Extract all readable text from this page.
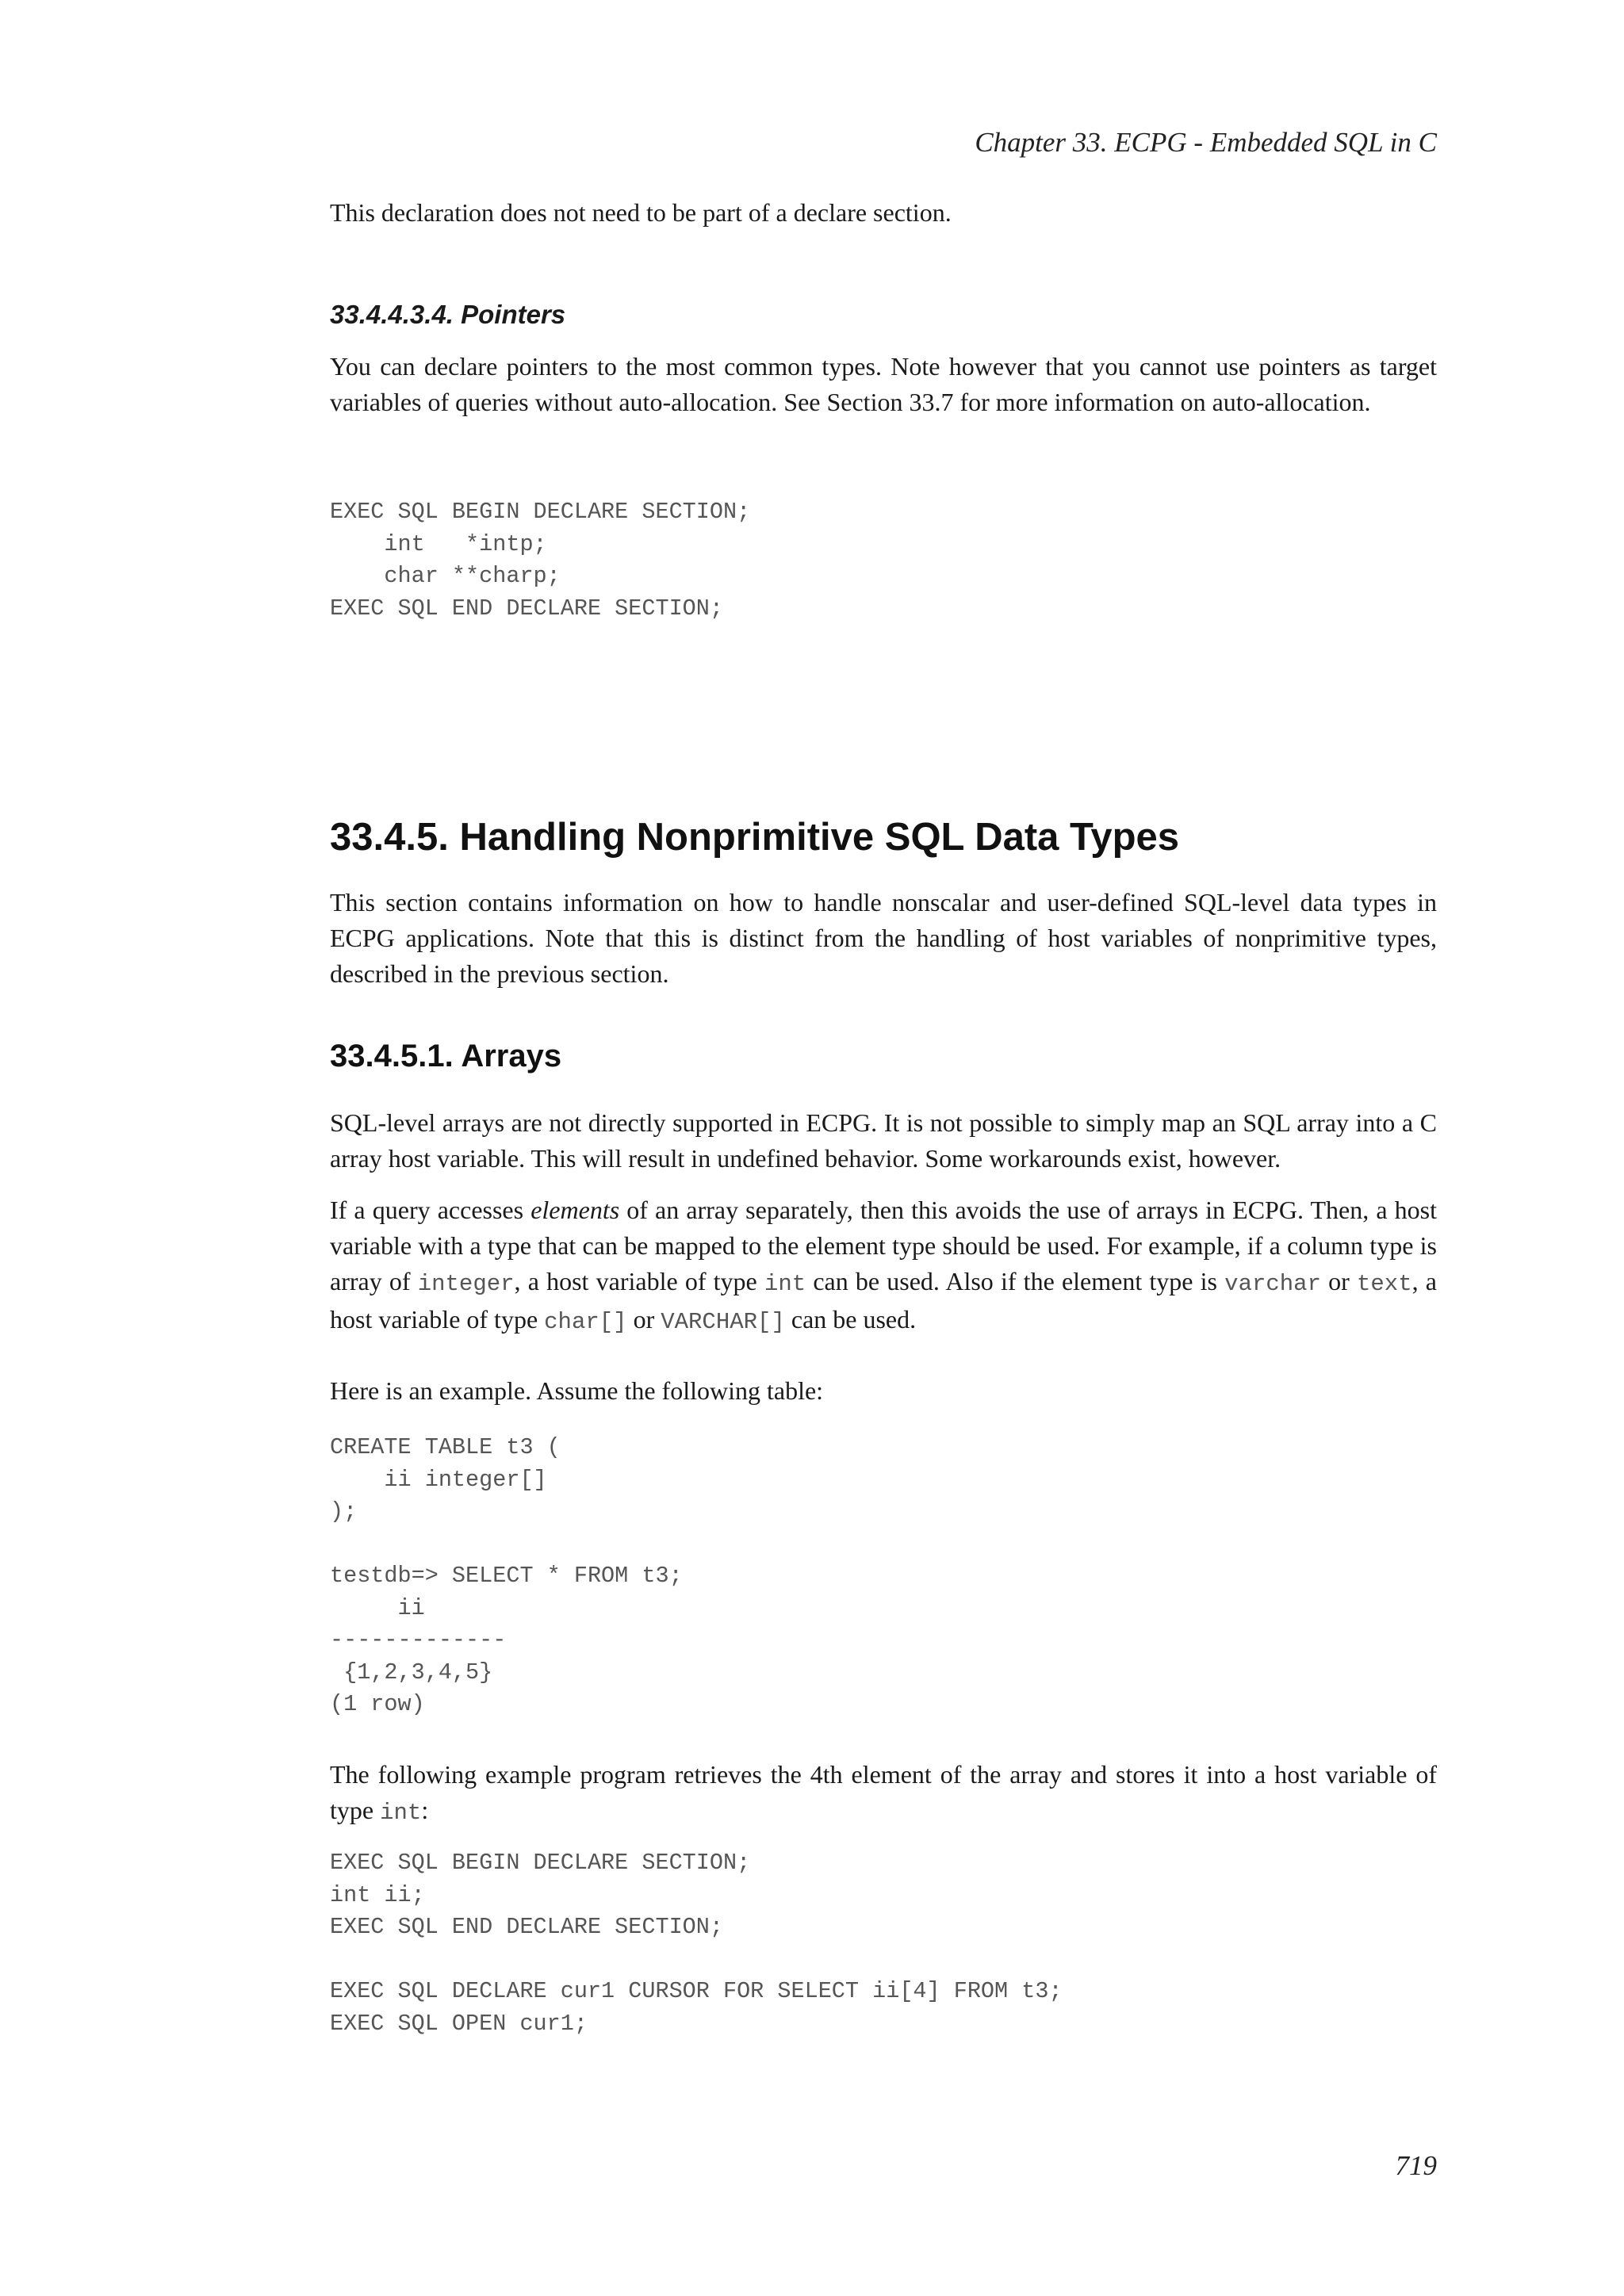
Chapter 33. ECPG - Embedded SQL in C

This declaration does not need to be part of a declare section.

33.4.4.3.4. Pointers

You can declare pointers to the most common types. Note however that you cannot use pointers as target variables of queries without auto-allocation. See Section 33.7 for more information on auto-allocation.

EXEC SQL BEGIN DECLARE SECTION;
int   *intp;
char **charp;
EXEC SQL END DECLARE SECTION;
33.4.5. Handling Nonprimitive SQL Data Types

This section contains information on how to handle nonscalar and user-defined SQL-level data types in ECPG applications. Note that this is distinct from the handling of host variables of nonprimitive types, described in the previous section.

33.4.5.1. Arrays

SQL-level arrays are not directly supported in ECPG. It is not possible to simply map an SQL array into a C array host variable. This will result in undefined behavior. Some workarounds exist, however.

If a query accesses elements of an array separately, then this avoids the use of arrays in ECPG. Then, a host variable with a type that can be mapped to the element type should be used. For example, if a column type is array of integer, a host variable of type int can be used. Also if the element type is varchar or text, a host variable of type char[] or VARCHAR[] can be used.

Here is an example. Assume the following table:

CREATE TABLE t3 (
ii integer[]
);

testdb=> SELECT * FROM t3;
ii
-------------
{1,2,3,4,5}
(1 row)

The following example program retrieves the 4th element of the array and stores it into a host variable of type int:

EXEC SQL BEGIN DECLARE SECTION;
int ii;
EXEC SQL END DECLARE SECTION;

EXEC SQL DECLARE cur1 CURSOR FOR SELECT ii[4] FROM t3;
EXEC SQL OPEN cur1;
719
